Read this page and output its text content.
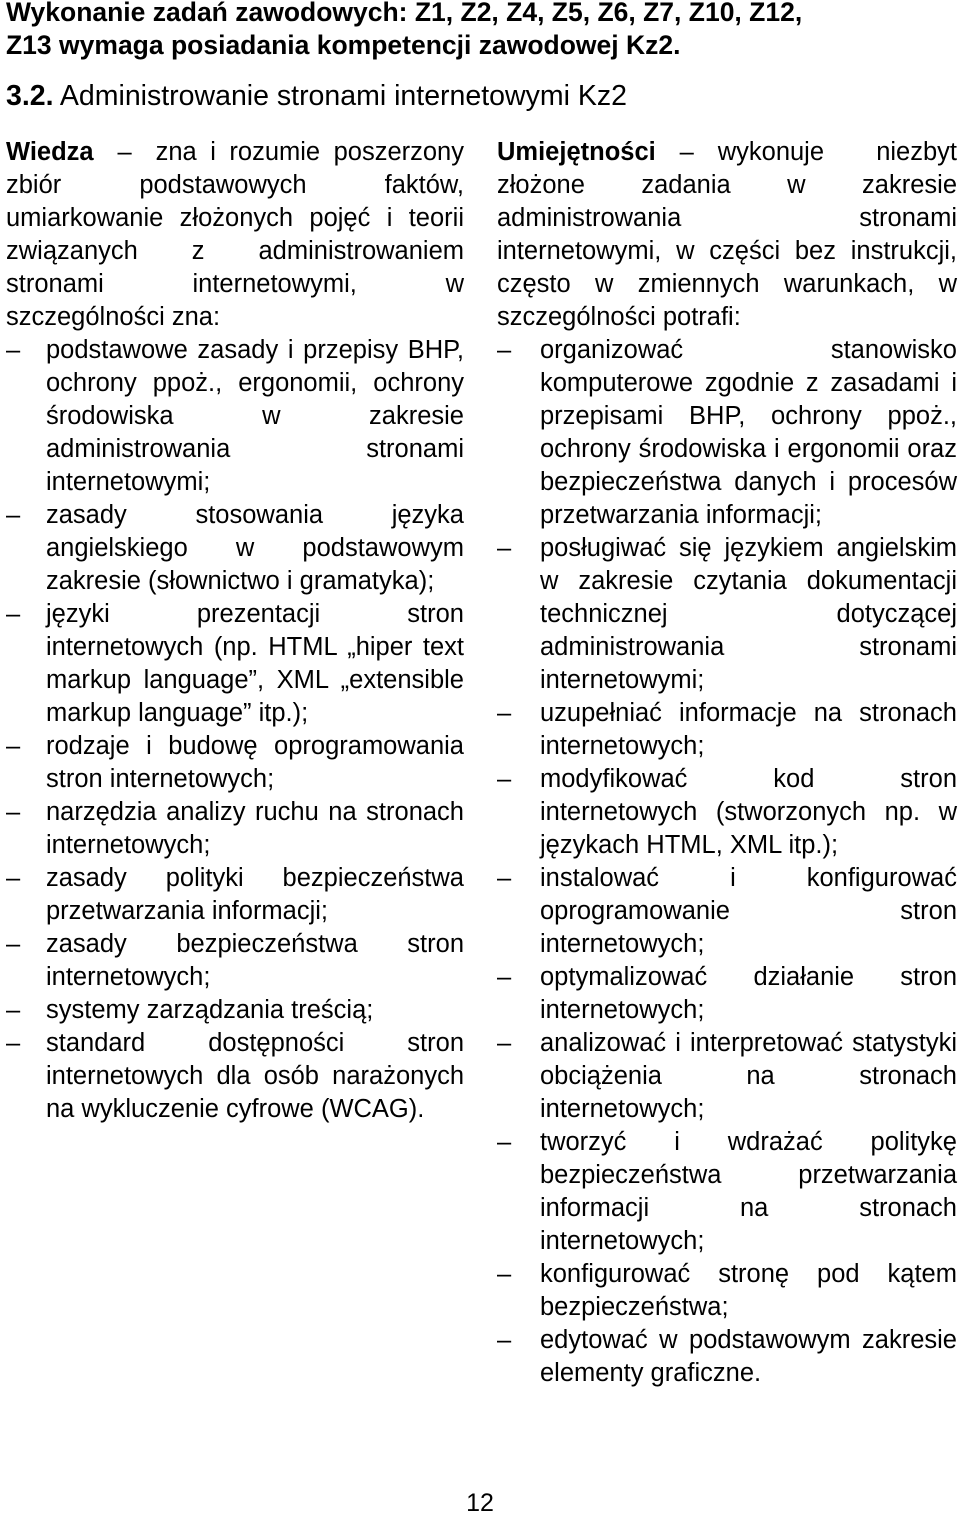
Wykonanie zadań zawodowych: Z1, Z2, Z4, Z5, Z6, Z7, Z10, Z12,
Z13 wymaga posiadania kompetencji zawodowej Kz2.
3.2. Administrowanie stronami internetowymi Kz2

Wiedza – zna i rozumie poszerzony zbiór podstawowych faktów, umiarkowanie złożonych pojęć i teorii związanych z administrowaniem stronami internetowymi, w szczególności zna:

–	podstawowe zasady i przepisy BHP, ochrony ppoż., ergonomii, ochrony środowiska w zakresie administrowania stronami internetowymi;
–	zasady stosowania języka angielskiego w podstawowym zakresie (słownictwo i gramatyka);
–	języki prezentacji stron internetowych (np. HTML „hiper text markup language”, XML „extensible markup language” itp.);
–	rodzaje i budowę oprogramowania stron internetowych;
–	narzędzia analizy ruchu na stronach internetowych;
–	zasady polityki bezpieczeństwa przetwarzania informacji;
–	zasady bezpieczeństwa stron internetowych;
–	systemy zarządzania treścią;
–	standard dostępności stron internetowych dla osób narażonych na wykluczenie cyfrowe (WCAG).

Umiejętności – wykonuje niezbyt złożone zadania w zakresie administrowania stronami internetowymi, w części bez instrukcji, często w zmiennych warunkach, w szczególności potrafi:

–	organizować stanowisko komputerowe zgodnie z zasadami i przepisami BHP, ochrony ppoż., ochrony środowiska i ergonomii oraz bezpieczeństwa danych i procesów przetwarzania informacji;
–	posługiwać się językiem angielskim w zakresie czytania dokumentacji technicznej dotyczącej administrowania stronami internetowymi;
–	uzupełniać informacje na stronach internetowych;
–	modyfikować kod stron internetowych (stworzonych np. w językach HTML, XML itp.);
–	instalować i konfigurować oprogramowanie stron internetowych;
–	optymalizować działanie stron internetowych;
–	analizować i interpretować statystyki obciążenia na stronach internetowych;
–	tworzyć i wdrażać politykę bezpieczeństwa przetwarzania informacji na stronach internetowych;
–	konfigurować stronę pod kątem bezpieczeństwa;
–	edytować w podstawowym zakresie elementy graficzne.
12
